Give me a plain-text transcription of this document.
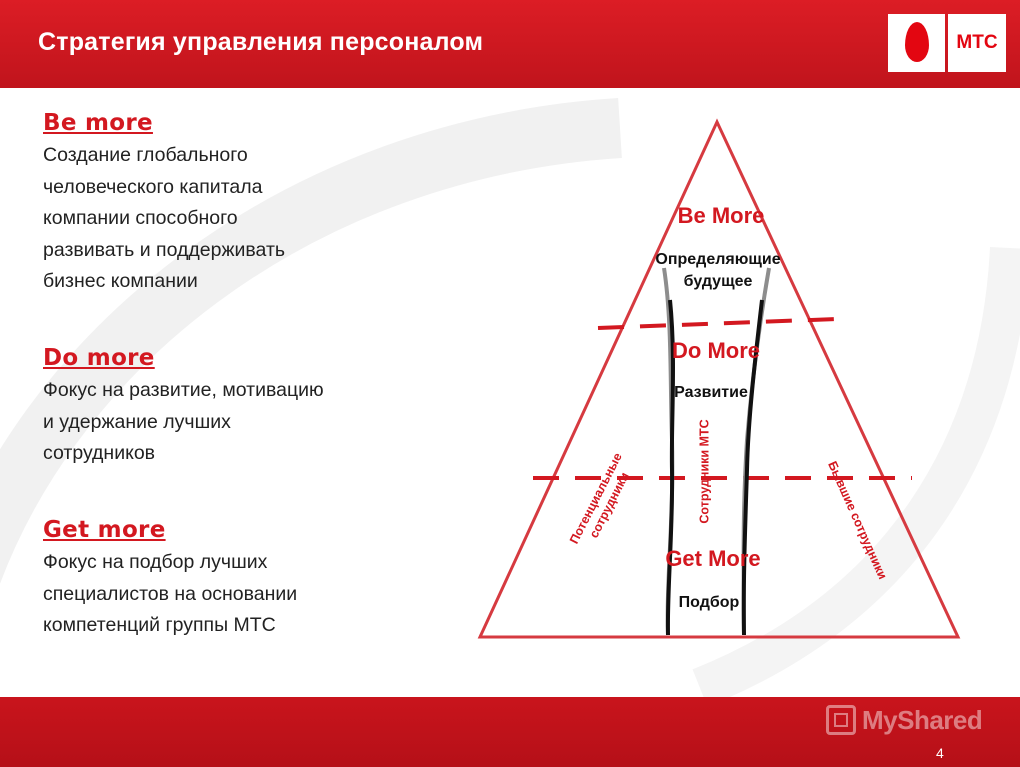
Стратегия управления персоналом	МТС
Be more
Создание глобального
человеческого капитала
компании способного
развивать и поддерживать
бизнес компании
Do more
Фокус на развитие, мотивацию
и удержание лучших
сотрудников
Get more
Фокус на подбор лучших
специалистов на основании
компетенций группы МТС
Be More
Определяющие
будущее
Do More
Развитие
Get More
Подбор
Потенциальные
сотрудники	Сотрудники МТС	Бывшие сотрудники
MyShared
4
